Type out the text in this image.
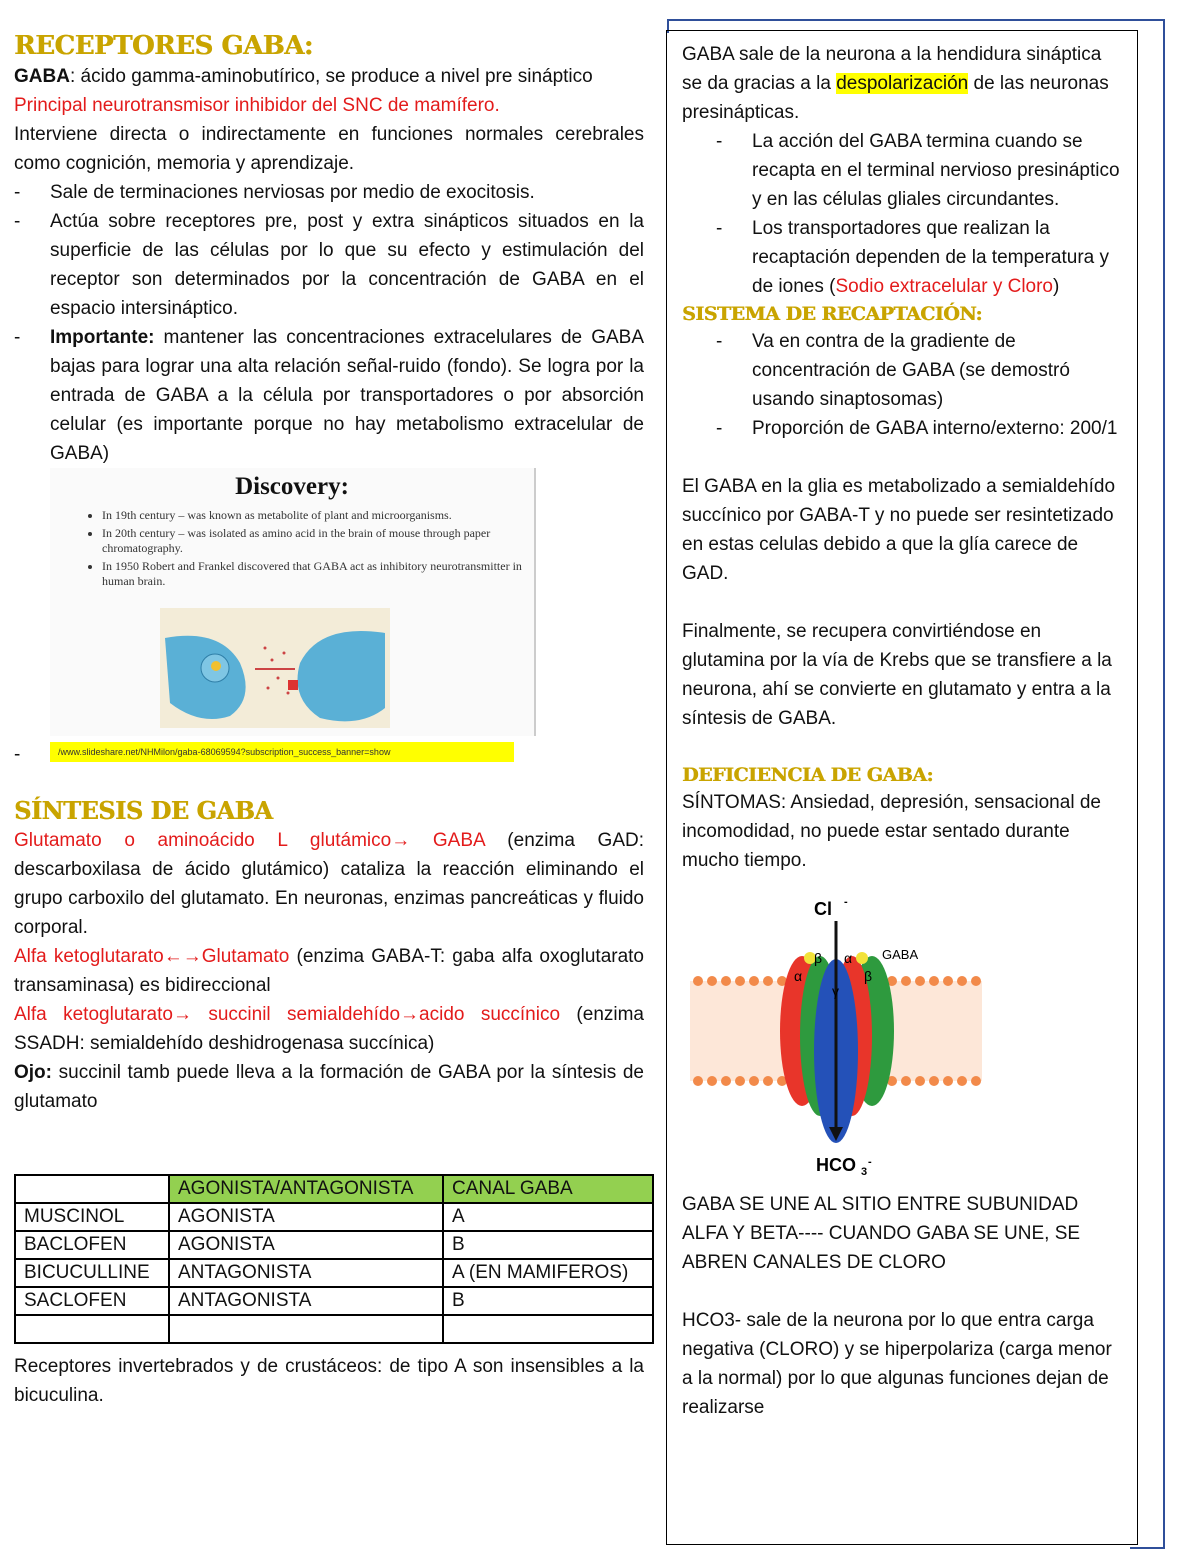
RECEPTORES GABA:
GABA: ácido gamma-aminobutírico, se produce a nivel pre sináptico
Principal neurotransmisor inhibidor del SNC de mamífero.
Interviene directa o indirectamente en funciones normales cerebrales como cognición, memoria y aprendizaje.
- Sale de terminaciones nerviosas por medio de exocitosis.
- Actúa sobre receptores pre, post y extra sinápticos situados en la superficie de las células por lo que su efecto y estimulación del receptor son determinados por la concentración de GABA en el espacio intersináptico.
- Importante: mantener las concentraciones extracelulares de GABA bajas para lograr una alta relación señal-ruido (fondo). Se logra por la entrada de GABA a la célula por transportadores o por absorción celular (es importante porque no hay metabolismo extracelular de GABA)
Discovery:
• In 19th century – was known as metabolite of plant and microorganisms.
• In 20th century – was isolated as amino acid in the brain of mouse through paper chromatography.
• In 1950 Robert and Frankel discovered that GABA act as inhibitory neurotransmitter in human brain.
-	/www.slideshare.net/NHMilon/gaba-68069594?subscription_success_banner=show
SÍNTESIS DE GABA
Glutamato o aminoácido L glutámico→ GABA (enzima GAD: descarboxilasa de ácido glutámico) cataliza la reacción eliminando el grupo carboxilo del glutamato. En neuronas, enzimas pancreáticas y fluido corporal.
Alfa ketoglutarato←→Glutamato (enzima GABA-T: gaba alfa oxoglutarato transaminasa) es bidireccional
Alfa ketoglutarato→ succinil semialdehído→acido succínico (enzima SSADH: semialdehído deshidrogenasa succínica)
Ojo: succinil tamb puede lleva a la formación de GABA por la síntesis de glutamato
	AGONISTA/ANTAGONISTA	CANAL GABA
MUSCINOL	AGONISTA	A
BACLOFEN	AGONISTA	B
BICUCULLINE	ANTAGONISTA	A (EN MAMIFEROS)
SACLOFEN	ANTAGONISTA	B

Receptores invertebrados y de crustáceos: de tipo A son insensibles a la bicuculina.
GABA sale de la neurona a la hendidura sináptica se da gracias a la despolarización de las neuronas presinápticas.
- La acción del GABA termina cuando se recapta en el terminal nervioso presináptico y en las células gliales circundantes.
- Los transportadores que realizan la recaptación dependen de la temperatura y de iones (Sodio extracelular y Cloro)
SISTEMA DE RECAPTACIÓN:
- Va en contra de la gradiente de concentración de GABA (se demostró usando sinaptosomas)
- Proporción de GABA interno/externo: 200/1
El GABA en la glia es metabolizado a semialdehído succínico por GABA-T y no puede ser resintetizado en estas celulas debido a que la glía carece de GAD.
Finalmente, se recupera convirtiéndose en glutamina por la vía de Krebs que se transfiere a la neurona, ahí se convierte en glutamato y entra a la síntesis de GABA.
DEFICIENCIA DE GABA:
SÍNTOMAS: Ansiedad, depresión, sensacional de incomodidad, no puede estar sentado durante mucho tiempo.
Cl -
GABA
α
β α
β
γ
HCO 3
-
GABA SE UNE AL SITIO ENTRE SUBUNIDAD ALFA Y BETA---- CUANDO GABA SE UNE, SE ABREN CANALES DE CLORO
HCO3- sale de la neurona por lo que entra carga negativa (CLORO) y se hiperpolariza (carga menor a la normal) por lo que algunas funciones dejan de realizarse
